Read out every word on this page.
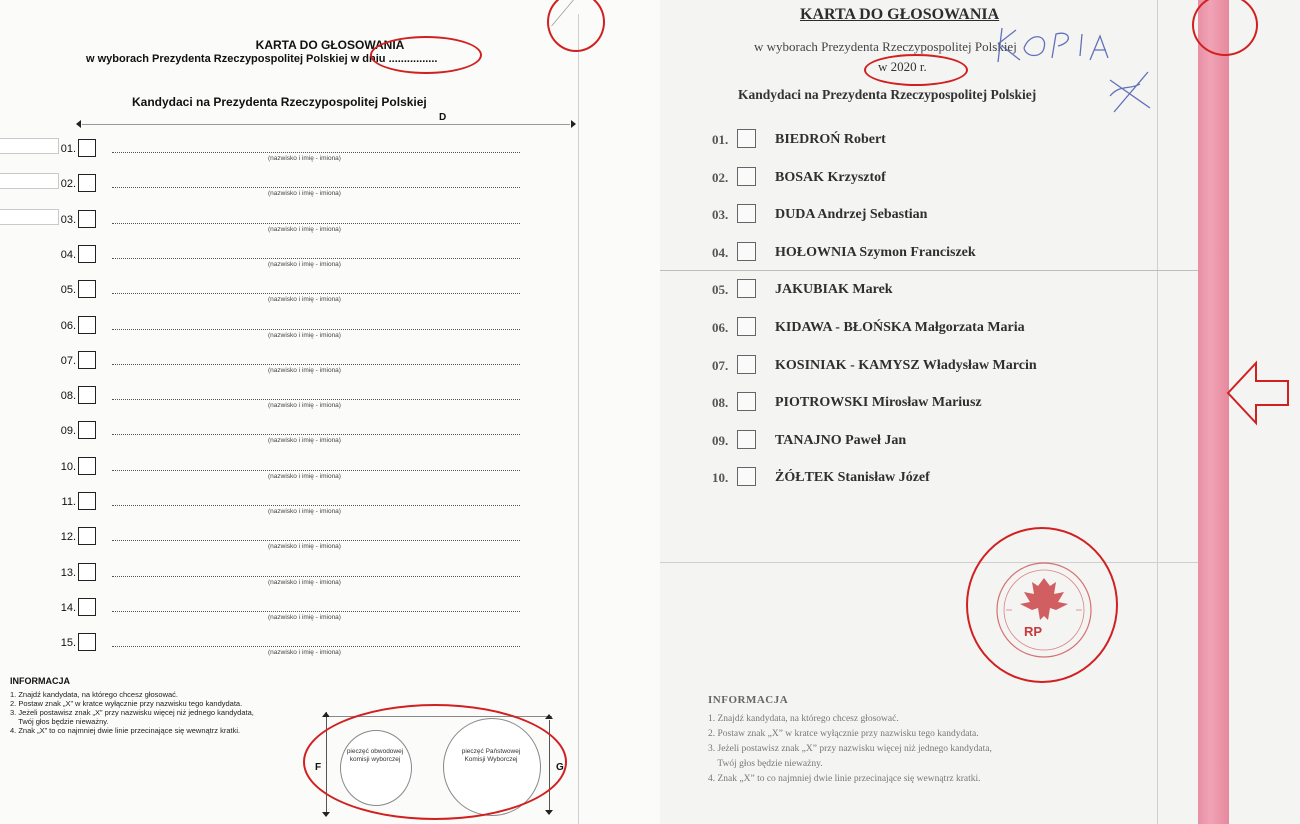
KARTA DO GŁOSOWANIA
w wyborach Prezydenta Rzeczypospolitej Polskiej w dniu ................
Kandydaci na Prezydenta Rzeczypospolitej Polskiej
D
01.
(nazwisko i imię - imiona)
02.
(nazwisko i imię - imiona)
03.
(nazwisko i imię - imiona)
04.
(nazwisko i imię - imiona)
05.
(nazwisko i imię - imiona)
06.
(nazwisko i imię - imiona)
07.
(nazwisko i imię - imiona)
08.
(nazwisko i imię - imiona)
09.
(nazwisko i imię - imiona)
10.
(nazwisko i imię - imiona)
11.
(nazwisko i imię - imiona)
12.
(nazwisko i imię - imiona)
13.
(nazwisko i imię - imiona)
14.
(nazwisko i imię - imiona)
15.
(nazwisko i imię - imiona)
INFORMACJA
1. Znajdź kandydata, na którego chcesz głosować.
2. Postaw znak „X” w kratce wyłącznie przy nazwisku tego kandydata.
3. Jeżeli postawisz znak „X” przy nazwisku więcej niż jednego kandydata,
Twój głos będzie nieważny.
4. Znak „X” to co najmniej dwie linie przecinające się wewnątrz kratki.
F
pieczęć obwodowej komisji wyborczej
pieczęć Państwowej Komisji Wyborczej
G
KARTA DO GŁOSOWANIA
w wyborach Prezydenta Rzeczypospolitej Polskiej
w 2020 r.
Kandydaci na Prezydenta Rzeczypospolitej Polskiej
01.	BIEDROŃ Robert
02.	BOSAK Krzysztof
03.	DUDA Andrzej Sebastian
04.	HOŁOWNIA Szymon Franciszek
05.	JAKUBIAK Marek
06.	KIDAWA - BŁOŃSKA Małgorzata Maria
07.	KOSINIAK - KAMYSZ Władysław Marcin
08.	PIOTROWSKI Mirosław Mariusz
09.	TANAJNO Paweł Jan
10.	ŻÓŁTEK Stanisław Józef
RP
INFORMACJA
1. Znajdź kandydata, na którego chcesz głosować.
2. Postaw znak „X” w kratce wyłącznie przy nazwisku tego kandydata.
3. Jeżeli postawisz znak „X” przy nazwisku więcej niż jednego kandydata,
Twój głos będzie nieważny.
4. Znak „X” to co najmniej dwie linie przecinające się wewnątrz kratki.
